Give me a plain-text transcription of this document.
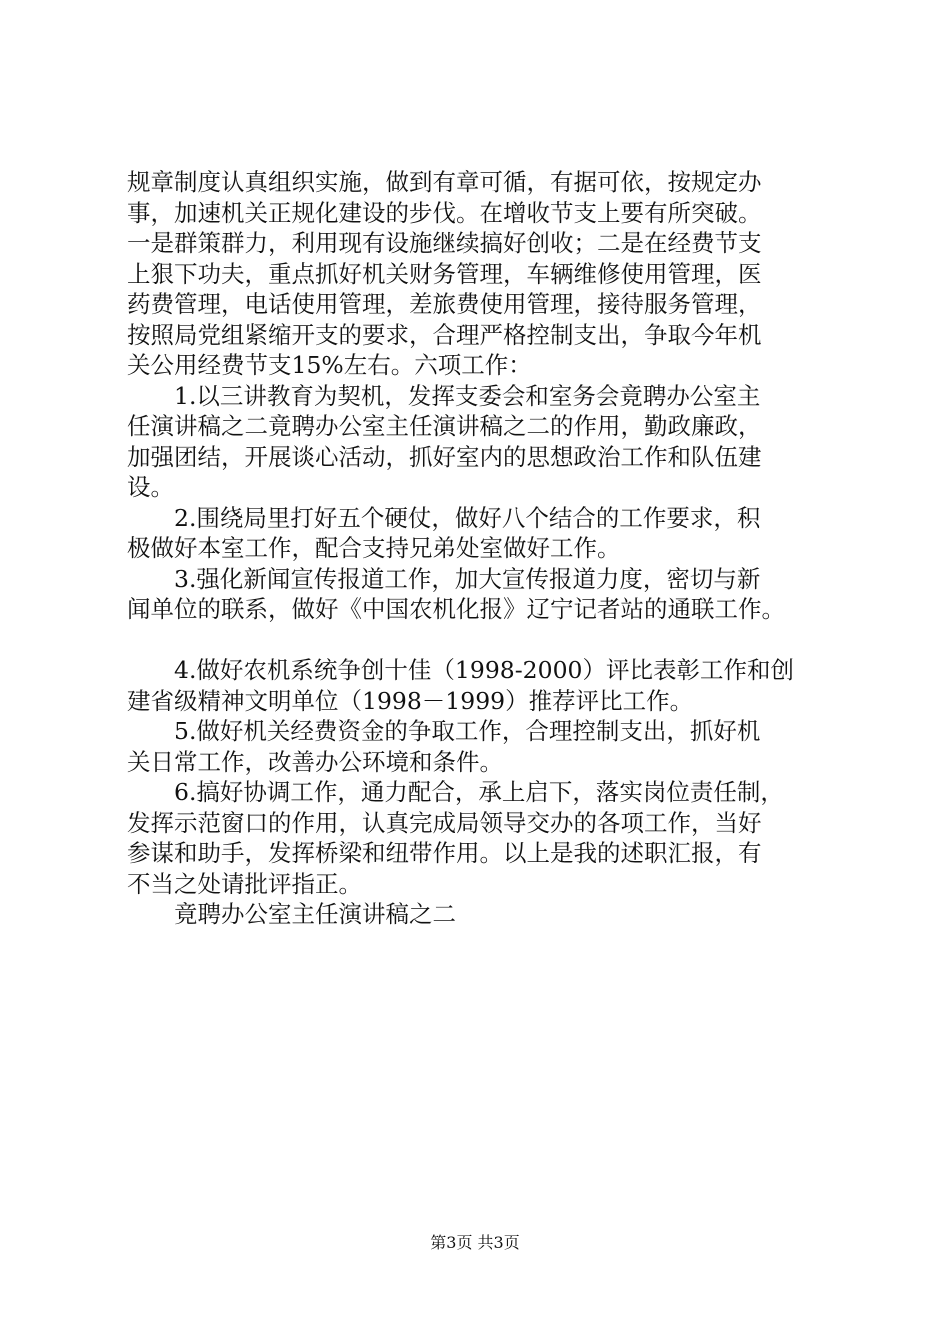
规章制度认真组织实施，做到有章可循，有据可依，按规定办
事，加速机关正规化建设的步伐。在增收节支上要有所突破。
一是群策群力，利用现有设施继续搞好创收；二是在经费节支
上狠下功夫，重点抓好机关财务管理，车辆维修使用管理，医
药费管理，电话使用管理，差旅费使用管理，接待服务管理，
按照局党组紧缩开支的要求，合理严格控制支出，争取今年机
关公用经费节支15%左右。六项工作：
1.以三讲教育为契机，发挥支委会和室务会竟聘办公室主
任演讲稿之二竟聘办公室主任演讲稿之二的作用，勤政廉政，
加强团结，开展谈心活动，抓好室内的思想政治工作和队伍建
设。
2.围绕局里打好五个硬仗，做好八个结合的工作要求，积
极做好本室工作，配合支持兄弟处室做好工作。
3.强化新闻宣传报道工作，加大宣传报道力度，密切与新
闻单位的联系，做好《中国农机化报》辽宁记者站的通联工作。
4.做好农机系统争创十佳（1998-2000）评比表彰工作和创
建省级精神文明单位（1998－1999）推荐评比工作。
5.做好机关经费资金的争取工作，合理控制支出，抓好机
关日常工作，改善办公环境和条件。
6.搞好协调工作，通力配合，承上启下，落实岗位责任制，
发挥示范窗口的作用，认真完成局领导交办的各项工作，当好
参谋和助手，发挥桥梁和纽带作用。以上是我的述职汇报，有
不当之处请批评指正。
竟聘办公室主任演讲稿之二
第3页 共3页
